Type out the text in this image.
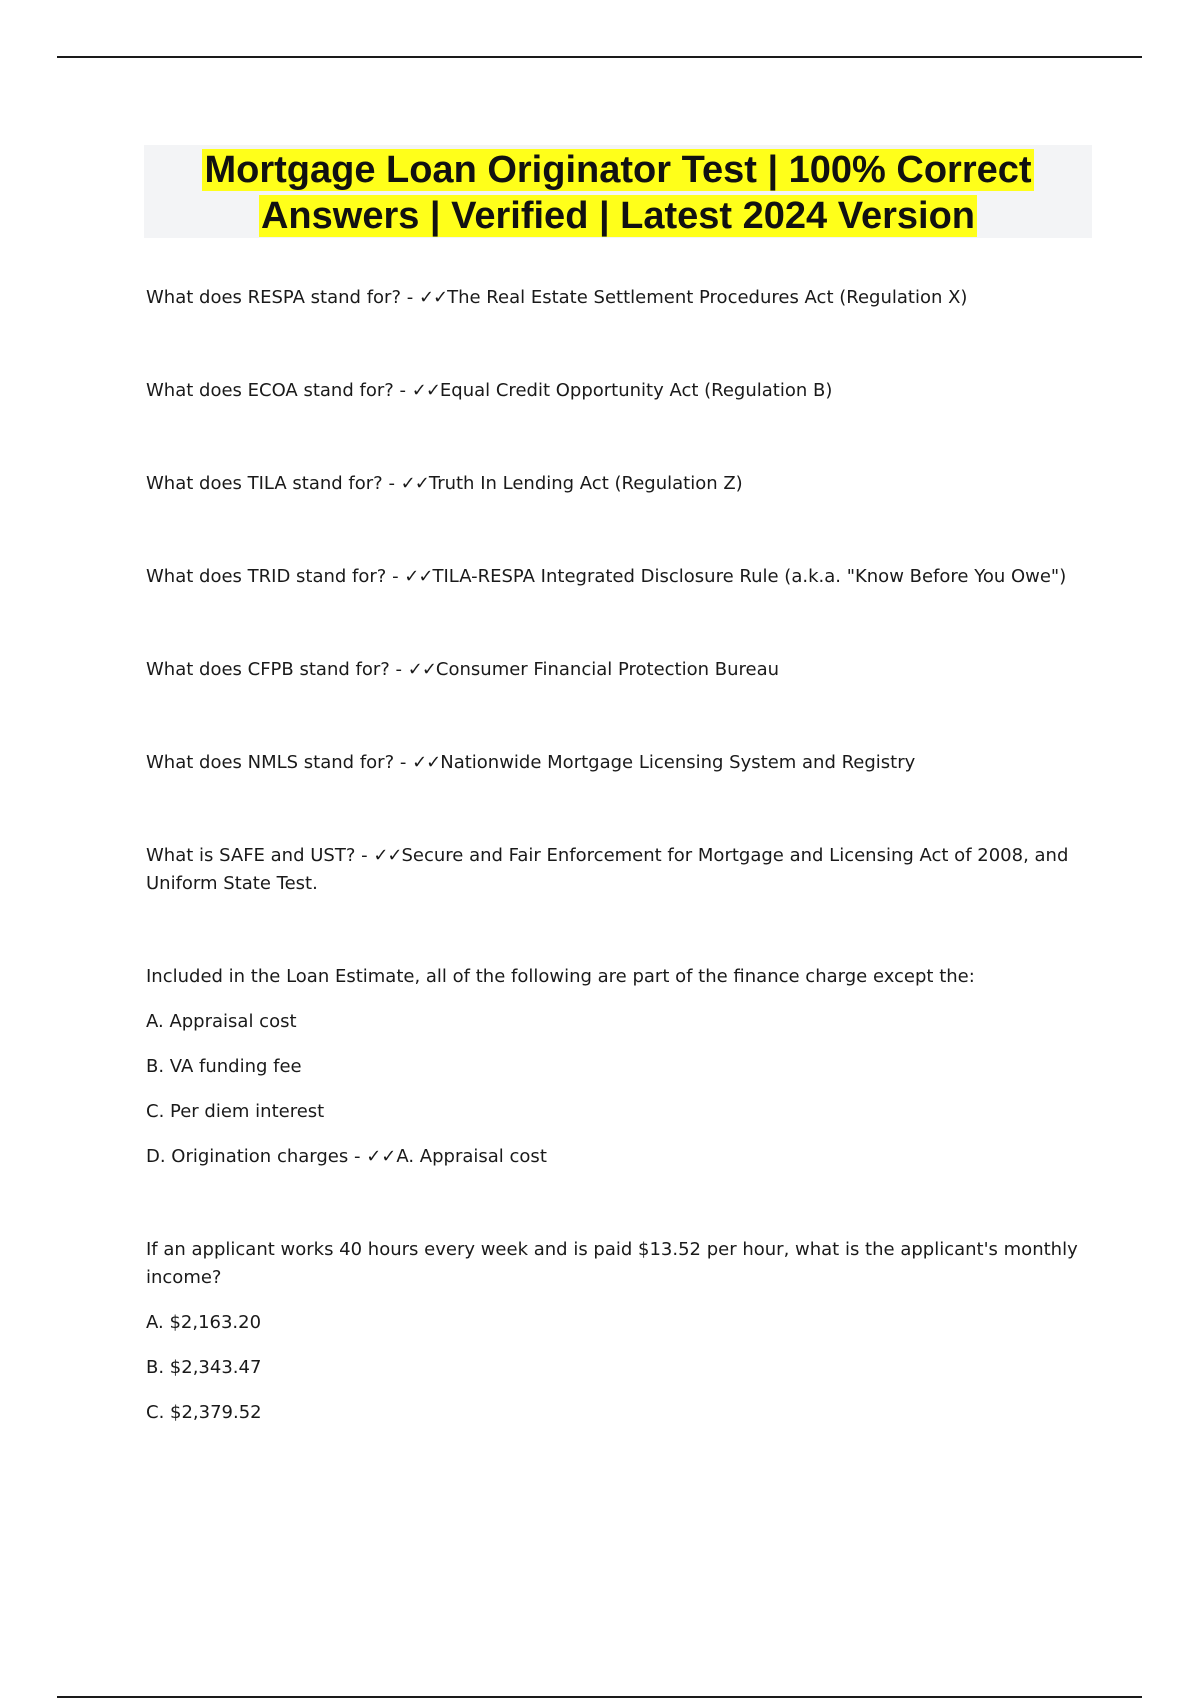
Mortgage Loan Originator Test | 100% Correct
Answers | Verified | Latest 2024 Version

What does RESPA stand for? - ✓✓The Real Estate Settlement Procedures Act (Regulation X)

What does ECOA stand for? - ✓✓Equal Credit Opportunity Act (Regulation B)

What does TILA stand for? - ✓✓Truth In Lending Act (Regulation Z)

What does TRID stand for? - ✓✓TILA-RESPA Integrated Disclosure Rule (a.k.a. "Know Before You Owe")

What does CFPB stand for? - ✓✓Consumer Financial Protection Bureau

What does NMLS stand for? - ✓✓Nationwide Mortgage Licensing System and Registry

What is SAFE and UST? - ✓✓Secure and Fair Enforcement for Mortgage and Licensing Act of 2008, and Uniform State Test.

Included in the Loan Estimate, all of the following are part of the finance charge except the:

A. Appraisal cost

B. VA funding fee

C. Per diem interest

D. Origination charges - ✓✓A. Appraisal cost

If an applicant works 40 hours every week and is paid $13.52 per hour, what is the applicant's monthly income?

A. $2,163.20

B. $2,343.47

C. $2,379.52
